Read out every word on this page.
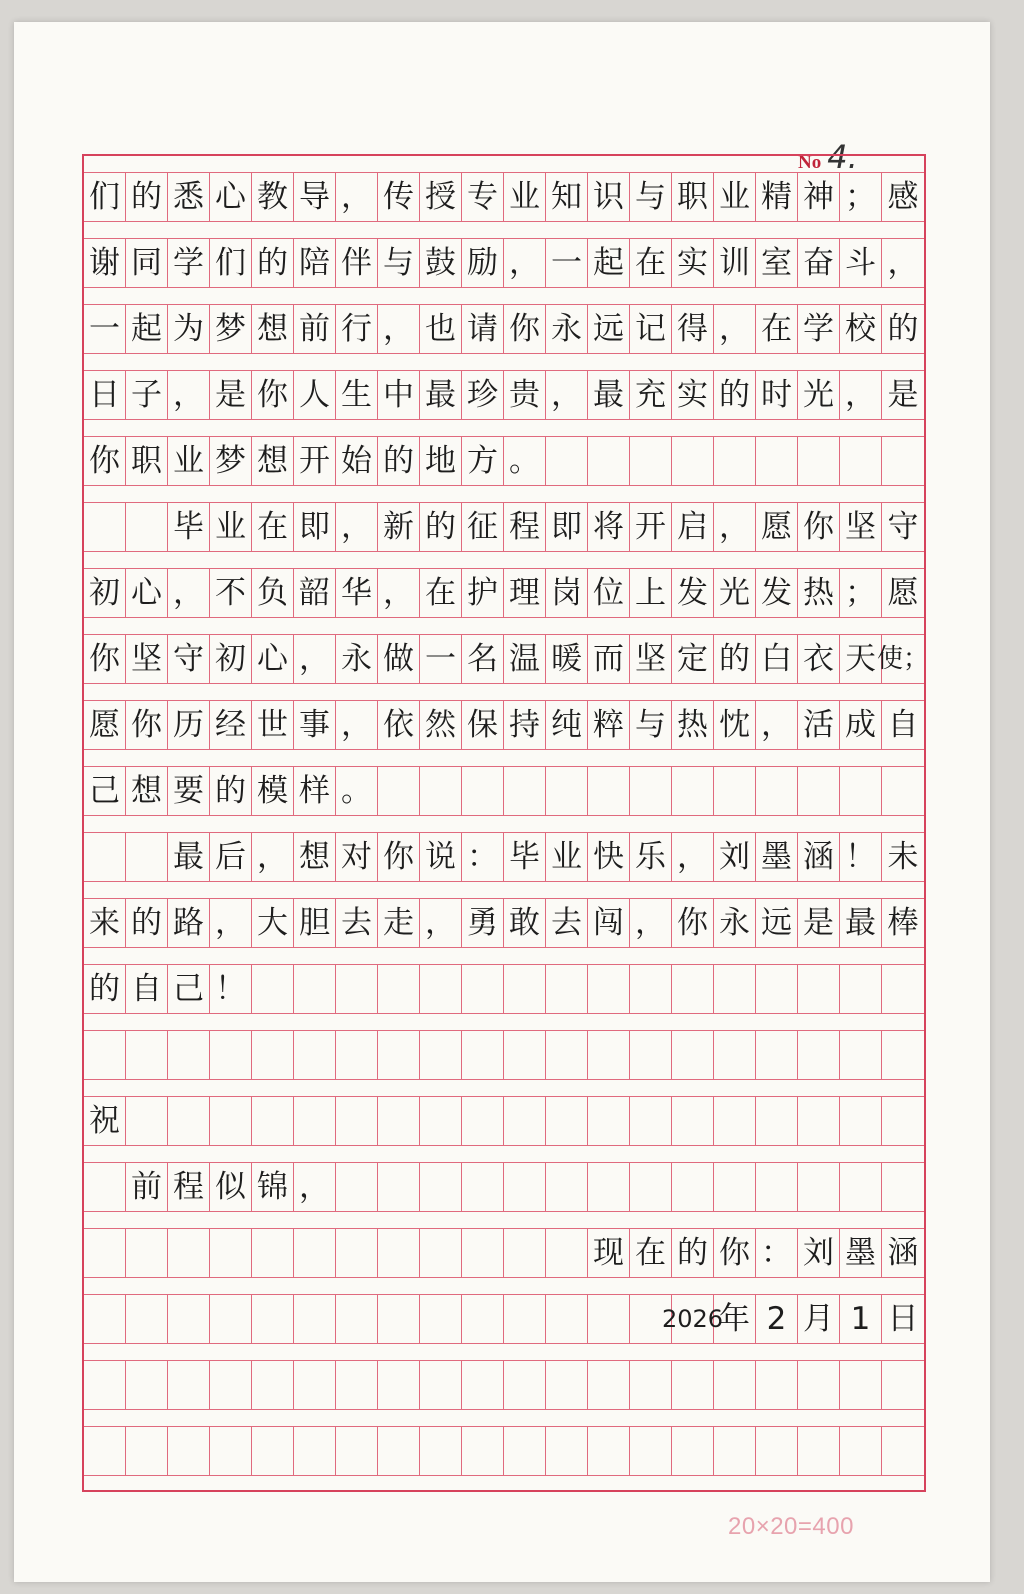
No 4.
们 的 悉 心 教 导 ， 传 授 专 业 知 识 与 职 业 精 神 ； 感
谢 同 学 们 的 陪 伴 与 鼓 励 ， 一 起 在 实 训 室 奋 斗 ，
一 起 为 梦 想 前 行 ， 也 请 你 永 远 记 得 ， 在 学 校 的
日 子 ， 是 你 人 生 中 最 珍 贵 ， 最 充 实 的 时 光 ， 是
你 职 业 梦 想 开 始 的 地 方 。
毕 业 在 即 ， 新 的 征 程 即 将 开 启 ， 愿 你 坚 守
初 心 ， 不 负 韶 华 ， 在 护 理 岗 位 上 发 光 发 热 ； 愿
你 坚 守 初 心 ， 永 做 一 名 温 暖 而 坚 定 的 白 衣 天 使；
愿 你 历 经 世 事 ， 依 然 保 持 纯 粹 与 热 忱 ， 活 成 自
己 想 要 的 模 样 。
最 后 ， 想 对 你 说 ： 毕 业 快 乐 ， 刘 墨 涵 ！ 未
来 的 路 ， 大 胆 去 走 ， 勇 敢 去 闯 ， 你 永 远 是 最 棒
的 自 己 ！
祝
前 程 似 锦 ，
现 在 的 你 ： 刘 墨 涵
2026
年 2 月 1 日
20×20=400
